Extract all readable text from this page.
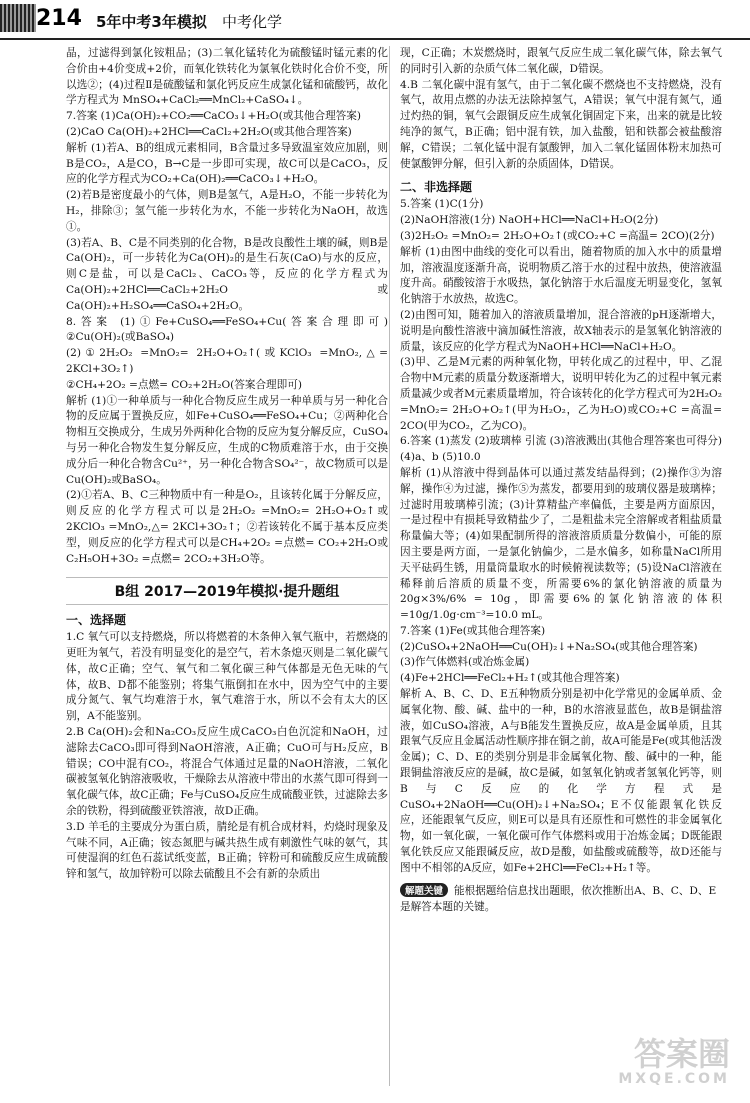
214 5年中考3年模拟 中考化学

晶，过滤得到氯化铵粗品；(3)二氧化锰转化为硫酸锰时锰元素的化合价由+4价变成+2价，而氧化铁转化为氯氧化铁时化合价不变，所以选②；(4)过程Ⅱ是硫酸锰和氯化钙反应生成氯化锰和硫酸钙，故化学方程式为 MnSO₄+CaCl₂══MnCl₂+CaSO₄↓。

7.答案 (1)Ca(OH)₂+CO₂══CaCO₃↓+H₂O(或其他合理答案)

(2)CaO Ca(OH)₂+2HCl══CaCl₂+2H₂O(或其他合理答案)

解析 (1)若A、B的组成元素相同，B含量过多导致温室效应加剧，则B是CO₂，A是CO，B→C是一步即可实现，故C可以是CaCO₃，反应的化学方程式为CO₂+Ca(OH)₂══CaCO₃↓+H₂O。

(2)若B是密度最小的气体，则B是氢气，A是H₂O，不能一步转化为H₂，排除③；氢气能一步转化为水，不能一步转化为NaOH，故选①。

(3)若A、B、C是不同类别的化合物，B是改良酸性土壤的碱，则B是Ca(OH)₂，可一步转化为Ca(OH)₂的是生石灰(CaO)与水的反应，则C是盐，可以是CaCl₂、CaCO₃等，反应的化学方程式为Ca(OH)₂+2HCl══CaCl₂+2H₂O或Ca(OH)₂+H₂SO₄══CaSO₄+2H₂O。

8.答案 (1)①Fe+CuSO₄══FeSO₄+Cu(答案合理即可) ②Cu(OH)₂(或BaSO₄)

(2)①2H₂O₂ =MnO₂= 2H₂O+O₂↑(或KClO₃ =MnO₂,△= 2KCl+3O₂↑)

②CH₄+2O₂ =点燃= CO₂+2H₂O(答案合理即可)

解析 (1)①一种单质与一种化合物反应生成另一种单质与另一种化合物的反应属于置换反应，如Fe+CuSO₄══FeSO₄+Cu；②两种化合物相互交换成分，生成另外两种化合物的反应为复分解反应，CuSO₄与另一种化合物发生复分解反应，生成的C物质难溶于水，由于交换成分后一种化合物含Cu²⁺，另一种化合物含SO₄²⁻，故C物质可以是Cu(OH)₂或BaSO₄。

(2)①若A、B、C三种物质中有一种是O₂，且该转化属于分解反应，则反应的化学方程式可以是2H₂O₂ =MnO₂= 2H₂O+O₂↑或2KClO₃ =MnO₂,△= 2KCl+3O₂↑；②若该转化不属于基本反应类型，则反应的化学方程式可以是CH₄+2O₂ =点燃= CO₂+2H₂O或C₂H₅OH+3O₂ =点燃= 2CO₂+3H₂O等。

B组 2017—2019年模拟·提升题组
一、选择题

1.C 氧气可以支持燃烧，所以将燃着的木条伸入氧气瓶中，若燃烧的更旺为氧气，若没有明显变化的是空气，若木条熄灭则是二氧化碳气体，故C正确；空气、氧气和二氧化碳三种气体都是无色无味的气体，故B、D都不能鉴别；将集气瓶倒扣在水中，因为空气中的主要成分氮气、氧气均难溶于水，氧气难溶于水，所以不会有太大的区别，A不能鉴别。

2.B Ca(OH)₂会和Na₂CO₃反应生成CaCO₃白色沉淀和NaOH，过滤除去CaCO₃即可得到NaOH溶液，A正确；CuO可与H₂反应，B错误；CO中混有CO₂，将混合气体通过足量的NaOH溶液，二氧化碳被氢氧化钠溶液吸收，干燥除去从溶液中带出的水蒸气即可得到一氧化碳气体，故C正确；Fe与CuSO₄反应生成硫酸亚铁，过滤除去多余的铁粉，得到硫酸亚铁溶液，故D正确。

3.D 羊毛的主要成分为蛋白质，腈纶是有机合成材料，灼烧时现象及气味不同，A正确；铵态氮肥与碱共热生成有刺激性气味的氨气，其可使湿润的红色石蕊试纸变蓝，B正确；锌粉可和硫酸反应生成硫酸锌和氢气，故加锌粉可以除去硫酸且不会有新的杂质出

现，C正确；木炭燃烧时，跟氧气反应生成二氧化碳气体，除去氧气的同时引入新的杂质气体二氧化碳，D错误。

4.B 二氧化碳中混有氢气，由于二氧化碳不燃烧也不支持燃烧，没有氧气，故用点燃的办法无法除掉氢气，A错误；氧气中混有氮气，通过灼热的铜，氧气会跟铜反应生成氧化铜固定下来，出来的就是比较纯净的氮气，B正确；铝中混有铁，加入盐酸，铝和铁都会被盐酸溶解，C错误；二氧化锰中混有氯酸钾，加入二氧化锰固体粉末加热可使氯酸钾分解，但引入新的杂质固体，D错误。

二、非选择题

5.答案 (1)C(1分)

(2)NaOH溶液(1分) NaOH+HCl══NaCl+H₂O(2分)

(3)2H₂O₂ =MnO₂= 2H₂O+O₂↑(或CO₂+C =高温= 2CO)(2分)

解析 (1)由图中曲线的变化可以看出，随着物质的加入水中的质量增加，溶液温度逐渐升高，说明物质乙溶于水的过程中放热，使溶液温度升高。硝酸铵溶于水吸热，氯化钠溶于水后温度无明显变化，氢氧化钠溶于水放热，故选C。

(2)由图可知，随着加入的溶液质量增加，混合溶液的pH逐渐增大，说明是向酸性溶液中滴加碱性溶液，故X轴表示的是氢氧化钠溶液的质量，该反应的化学方程式为NaOH+HCl══NaCl+H₂O。

(3)甲、乙是M元素的两种氧化物，甲转化成乙的过程中，甲、乙混合物中M元素的质量分数逐渐增大，说明甲转化为乙的过程中氧元素质量减少或者M元素质量增加，符合该转化的化学方程式可为2H₂O₂ =MnO₂= 2H₂O+O₂↑(甲为H₂O₂，乙为H₂O)或CO₂+C =高温= 2CO(甲为CO₂，乙为CO)。

6.答案 (1)蒸发 (2)玻璃棒 引流 (3)溶液溅出(其他合理答案也可得分) (4)a、b (5)10.0

解析 (1)从溶液中得到晶体可以通过蒸发结晶得到；(2)操作③为溶解，操作④为过滤，操作⑤为蒸发，都要用到的玻璃仪器是玻璃棒；过滤时用玻璃棒引流；(3)计算精盐产率偏低，主要是两方面原因，一是过程中有损耗导致精盐少了，二是粗盐未完全溶解或者粗盐质量称量偏大等；(4)如果配制所得的溶液溶质质量分数偏小，可能的原因主要是两方面，一是氯化钠偏少，二是水偏多，如称量NaCl所用天平砝码生锈，用量筒量取水的时候俯视读数等；(5)设NaCl溶液在稀释前后溶质的质量不变，所需要6%的氯化钠溶液的质量为 20g×3%/6% = 10g，即需要6%的氯化钠溶液的体积=10g/1.0g·cm⁻³=10.0 mL。

7.答案 (1)Fe(或其他合理答案)

(2)CuSO₄+2NaOH══Cu(OH)₂↓+Na₂SO₄(或其他合理答案)

(3)作气体燃料(或冶炼金属)

(4)Fe+2HCl══FeCl₂+H₂↑(或其他合理答案)

解析 A、B、C、D、E五种物质分别是初中化学常见的金属单质、金属氧化物、酸、碱、盐中的一种，B的水溶液显蓝色，故B是铜盐溶液，如CuSO₄溶液，A与B能发生置换反应，故A是金属单质，且其跟氧气反应且金属活动性顺序排在铜之前，故A可能是Fe(或其他活泼金属)；C、D、E的类别分别是非金属氧化物、酸、碱中的一种，能跟铜盐溶液反应的是碱，故C是碱，如氢氧化钠或者氢氧化钙等，则B与C反应的化学方程式是CuSO₄+2NaOH══Cu(OH)₂↓+Na₂SO₄；E不仅能跟氧化铁反应，还能跟氧气反应，则E可以是具有还原性和可燃性的非金属氧化物，如一氧化碳，一氧化碳可作气体燃料或用于冶炼金属；D既能跟氧化铁反应又能跟碱反应，故D是酸，如盐酸或硫酸等，故D还能与图中不相邻的A反应，如Fe+2HCl══FeCl₂+H₂↑等。

解题关键 能根据题给信息找出题眼，依次推断出A、B、C、D、E是解答本题的关键。
答案圈
MXQE.COM
